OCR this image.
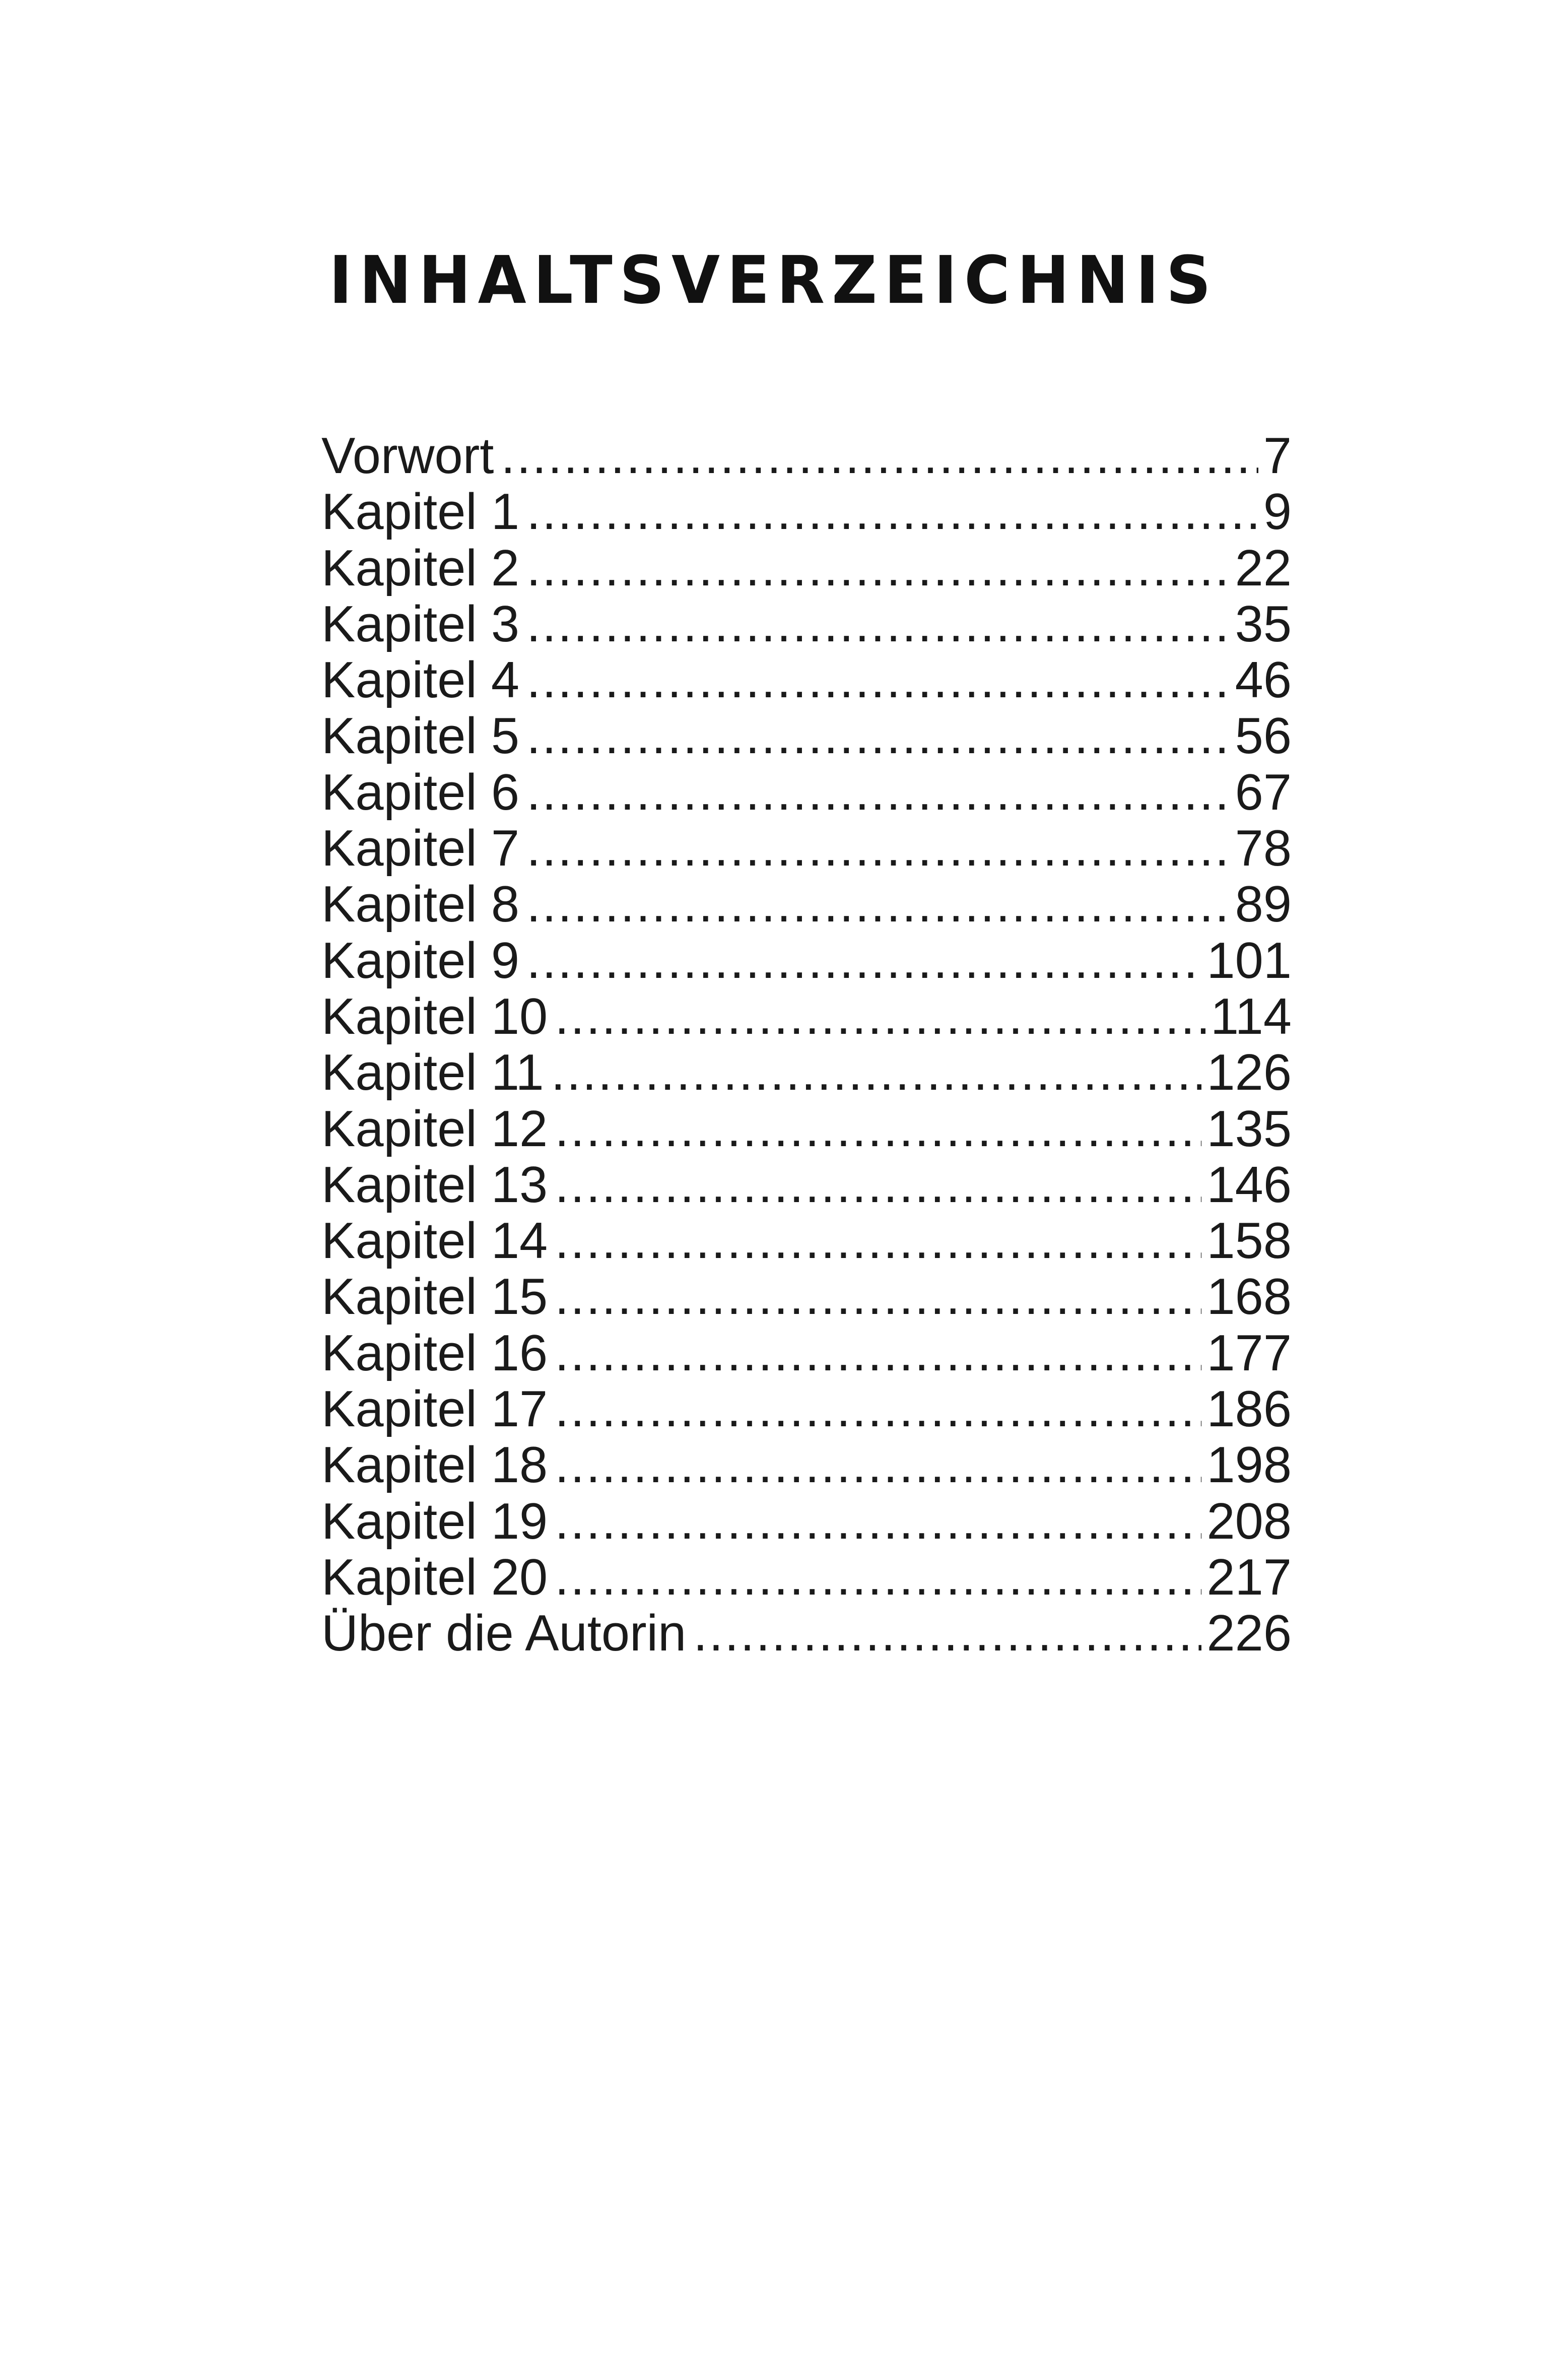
INHALTSVERZEICHNIS
Vorwort .....	7
Kapitel 1 .....	9
Kapitel 2 .....	22
Kapitel 3 .....	35
Kapitel 4 .....	46
Kapitel 5 .....	56
Kapitel 6 .....	67
Kapitel 7 .....	78
Kapitel 8 .....	89
Kapitel 9 .....	101
Kapitel 10 .....	114
Kapitel 11 .....	126
Kapitel 12 .....	135
Kapitel 13 .....	146
Kapitel 14 .....	158
Kapitel 15 .....	168
Kapitel 16 .....	177
Kapitel 17 .....	186
Kapitel 18 .....	198
Kapitel 19 .....	208
Kapitel 20 .....	217
Über die Autorin .....	226
